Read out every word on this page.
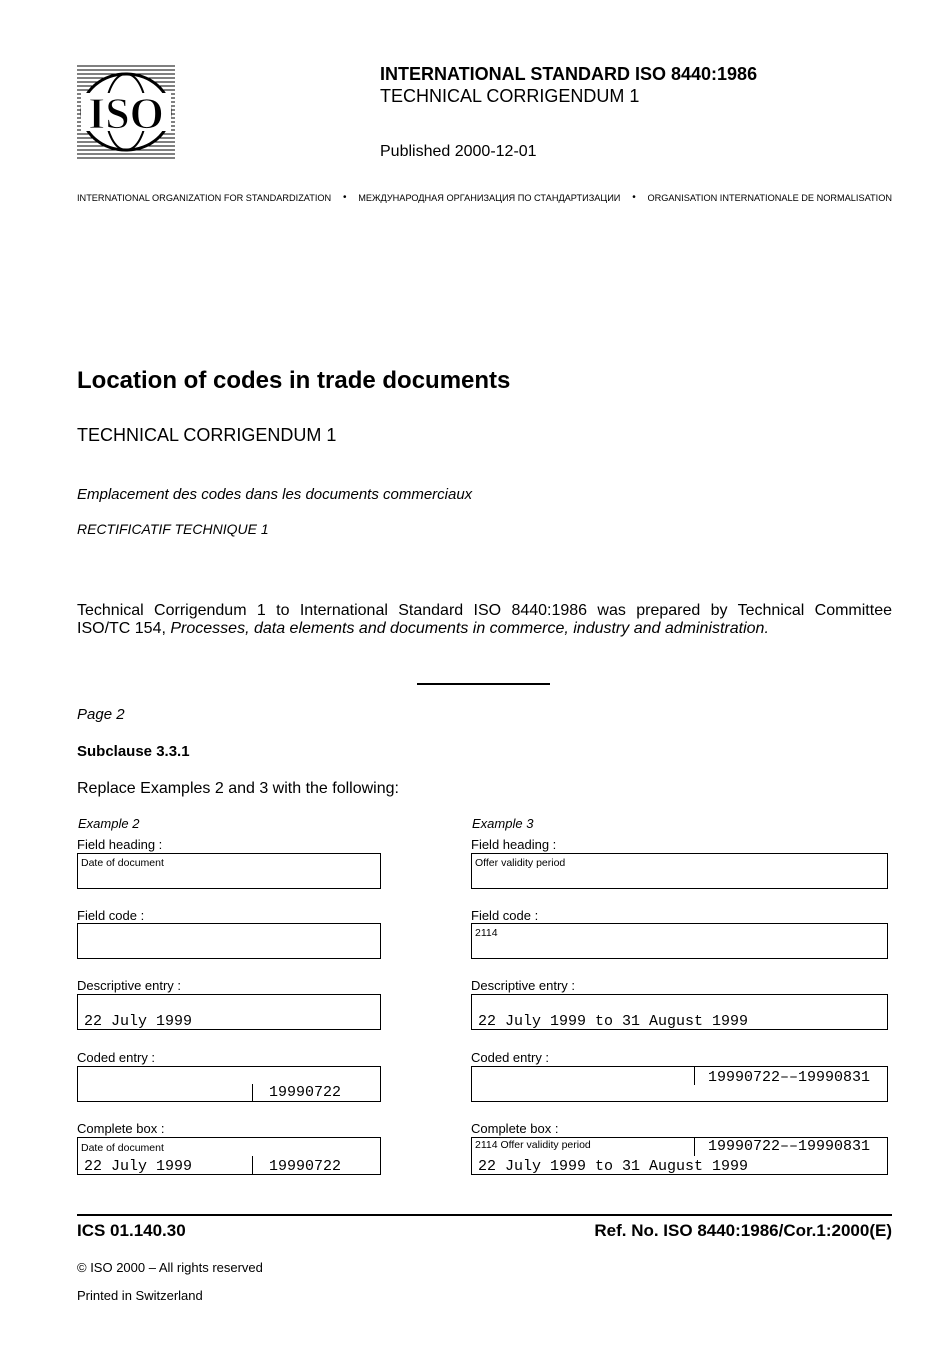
ISO
INTERNATIONAL STANDARD ISO 8440:1986
TECHNICAL CORRIGENDUM 1
Published 2000-12-01
INTERNATIONAL ORGANIZATION FOR STANDARDIZATION	•	МЕЖДУНАРОДНАЯ ОРГАНИЗАЦИЯ ПО СТАНДАРТИЗАЦИИ	•	ORGANISATION INTERNATIONALE DE NORMALISATION
Location of codes in trade documents
TECHNICAL CORRIGENDUM 1
Emplacement des codes dans les documents commerciaux
RECTIFICATIF TECHNIQUE 1
Technical Corrigendum 1 to International Standard ISO 8440:1986 was prepared by Technical Committee
ISO/TC 154, Processes, data elements and documents in commerce, industry and administration.
Page 2
Subclause 3.3.1
Replace Examples 2 and 3 with the following:
Example 2
Field heading :
Date of document
Field code :
Descriptive entry :
22 July 1999
Coded entry :
19990722
Complete box :
Date of document
22 July 1999	19990722
Example 3
Field heading :
Offer validity period
Field code :
2114
Descriptive entry :
22 July 1999 to 31 August 1999
Coded entry :
19990722––19990831
Complete box :
2114 Offer validity period	19990722––19990831
22 July 1999 to 31 August 1999
ICS 01.140.30	Ref. No. ISO 8440:1986/Cor.1:2000(E)
© ISO 2000 – All rights reserved
Printed in Switzerland
